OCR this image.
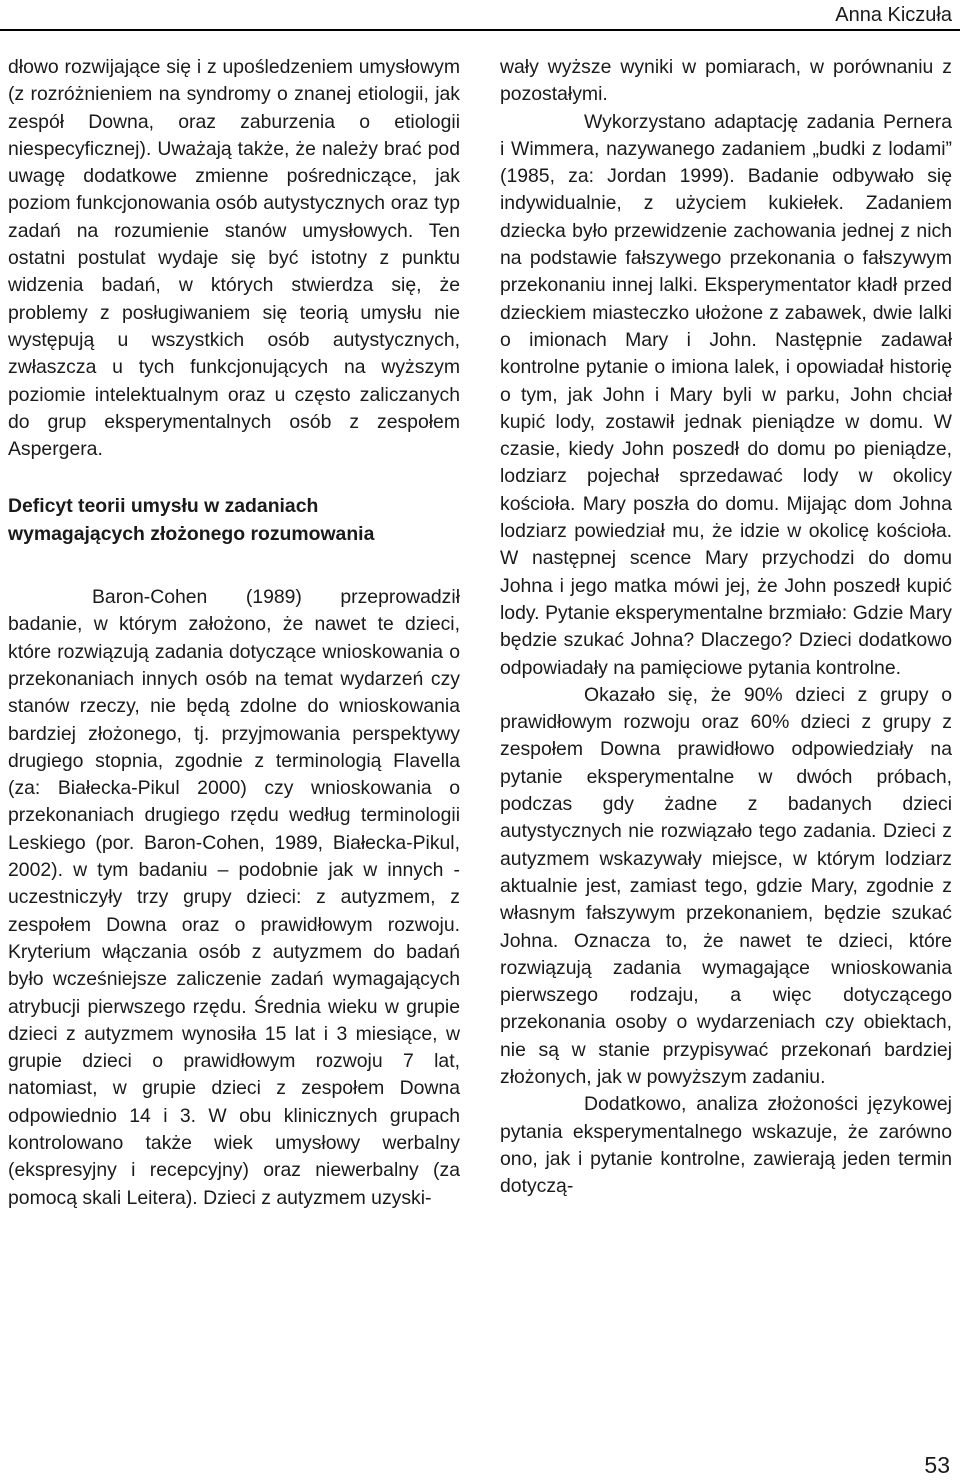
Anna Kiczuła

dłowo rozwijające się i z upośledzeniem umysłowym (z rozróżnieniem na syndromy o znanej etiologii, jak zespół Downa, oraz zaburzenia o etiologii niespecyficznej). Uważają także, że należy brać pod uwagę dodatkowe zmienne pośredniczące, jak poziom funkcjonowania osób autystycznych oraz typ zadań na rozumienie stanów umysłowych. Ten ostatni postulat wydaje się być istotny z punktu widzenia badań, w których stwierdza się, że problemy z posługiwaniem się teorią umysłu nie występują u wszystkich osób autystycznych, zwłaszcza u tych funkcjonujących na wyższym poziomie intelektualnym oraz u często zaliczanych do grup eksperymentalnych osób z zespołem Aspergera.

Deficyt teorii umysłu w zadaniach wymagających złożonego rozumowania

Baron-Cohen (1989) przeprowadził badanie, w którym założono, że nawet te dzieci, które rozwiązują zadania dotyczące wnioskowania o przekonaniach innych osób na temat wydarzeń czy stanów rzeczy, nie będą zdolne do wnioskowania bardziej złożonego, tj. przyjmowania perspektywy drugiego stopnia, zgodnie z terminologią Flavella (za: Białecka-Pikul 2000) czy wnioskowania o przekonaniach drugiego rzędu według terminologii Leskiego (por. Baron-Cohen, 1989, Białecka-Pikul, 2002). w tym badaniu – podobnie jak w innych - uczestniczyły trzy grupy dzieci: z autyzmem, z zespołem Downa oraz o prawidłowym rozwoju. Kryterium włączania osób z autyzmem do badań było wcześniejsze zaliczenie zadań wymagających atrybucji pierwszego rzędu. Średnia wieku w grupie dzieci z autyzmem wynosiła 15 lat i 3 miesiące, w grupie dzieci o prawidłowym rozwoju 7 lat, natomiast, w grupie dzieci z zespołem Downa odpowiednio 14 i 3. W obu klinicznych grupach kontrolowano także wiek umysłowy werbalny (ekspresyjny i recepcyjny) oraz niewerbalny (za pomocą skali Leitera). Dzieci z autyzmem uzyski-

wały wyższe wyniki w pomiarach, w porównaniu z pozostałymi.

Wykorzystano adaptację zadania Pernera i Wimmera, nazywanego zadaniem „budki z lodami” (1985, za: Jordan 1999). Badanie odbywało się indywidualnie, z użyciem kukiełek. Zadaniem dziecka było przewidzenie zachowania jednej z nich na podstawie fałszywego przekonania o fałszywym przekonaniu innej lalki. Eksperymentator kładł przed dzieckiem miasteczko ułożone z zabawek, dwie lalki o imionach Mary i John. Następnie zadawał kontrolne pytanie o imiona lalek, i opowiadał historię o tym, jak John i Mary byli w parku, John chciał kupić lody, zostawił jednak pieniądze w domu. W czasie, kiedy John poszedł do domu po pieniądze, lodziarz pojechał sprzedawać lody w okolicy kościoła. Mary poszła do domu. Mijając dom Johna lodziarz powiedział mu, że idzie w okolicę kościoła. W następnej scence Mary przychodzi do domu Johna i jego matka mówi jej, że John poszedł kupić lody. Pytanie eksperymentalne brzmiało: Gdzie Mary będzie szukać Johna? Dlaczego? Dzieci dodatkowo odpowiadały na pamięciowe pytania kontrolne.

Okazało się, że 90% dzieci z grupy o prawidłowym rozwoju oraz 60% dzieci z grupy z zespołem Downa prawidłowo odpowiedziały na pytanie eksperymentalne w dwóch próbach, podczas gdy żadne z badanych dzieci autystycznych nie rozwiązało tego zadania. Dzieci z autyzmem wskazywały miejsce, w którym lodziarz aktualnie jest, zamiast tego, gdzie Mary, zgodnie z własnym fałszywym przekonaniem, będzie szukać Johna. Oznacza to, że nawet te dzieci, które rozwiązują zadania wymagające wnioskowania pierwszego rodzaju, a więc dotyczącego przekonania osoby o wydarzeniach czy obiektach, nie są w stanie przypisywać przekonań bardziej złożonych, jak w powyższym zadaniu.

Dodatkowo, analiza złożoności językowej pytania eksperymentalnego wskazuje, że zarówno ono, jak i pytanie kontrolne, zawierają jeden termin dotyczą-

53
